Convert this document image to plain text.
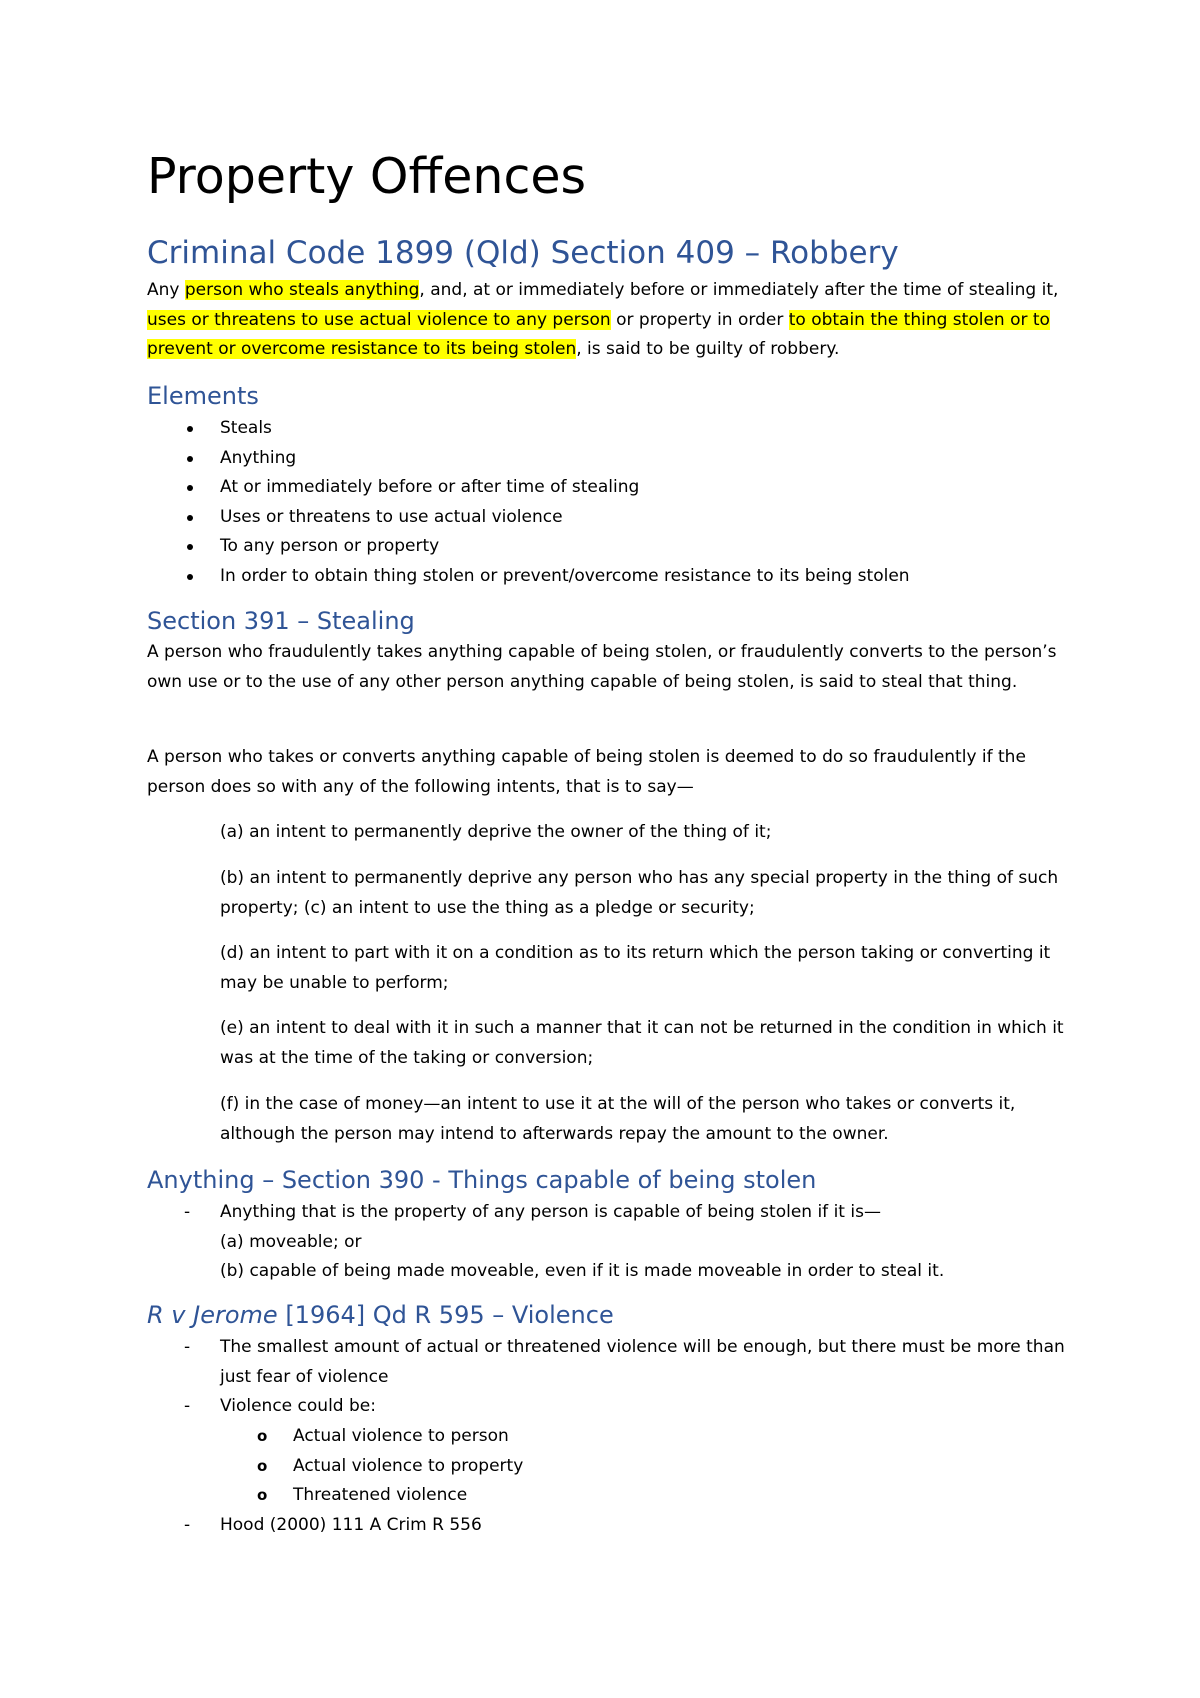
Property Offences
Criminal Code 1899 (Qld) Section 409 – Robbery

Any person who steals anything, and, at or immediately before or immediately after the time of stealing it, uses or threatens to use actual violence to any person or property in order to obtain the thing stolen or to prevent or overcome resistance to its being stolen, is said to be guilty of robbery.

Elements
Steals
Anything
At or immediately before or after time of stealing
Uses or threatens to use actual violence
To any person or property
In order to obtain thing stolen or prevent/overcome resistance to its being stolen
Section 391 – Stealing

A person who fraudulently takes anything capable of being stolen, or fraudulently converts to the person’s own use or to the use of any other person anything capable of being stolen, is said to steal that thing.

A person who takes or converts anything capable of being stolen is deemed to do so fraudulently if the person does so with any of the following intents, that is to say—

(a) an intent to permanently deprive the owner of the thing of it;

(b) an intent to permanently deprive any person who has any special property in the thing of such property; (c) an intent to use the thing as a pledge or security;

(d) an intent to part with it on a condition as to its return which the person taking or converting it may be unable to perform;

(e) an intent to deal with it in such a manner that it can not be returned in the condition in which it was at the time of the taking or conversion;

(f) in the case of money—an intent to use it at the will of the person who takes or converts it, although the person may intend to afterwards repay the amount to the owner.

Anything – Section 390 - Things capable of being stolen
-	Anything that is the property of any person is capable of being stolen if it is—
(a) moveable; or
(b) capable of being made moveable, even if it is made moveable in order to steal it.
R v Jerome [1964] Qd R 595 – Violence
-	The smallest amount of actual or threatened violence will be enough, but there must be more than just fear of violence
-	Violence could be:
o	Actual violence to person
o	Actual violence to property
o	Threatened violence
-	Hood (2000) 111 A Crim R 556
